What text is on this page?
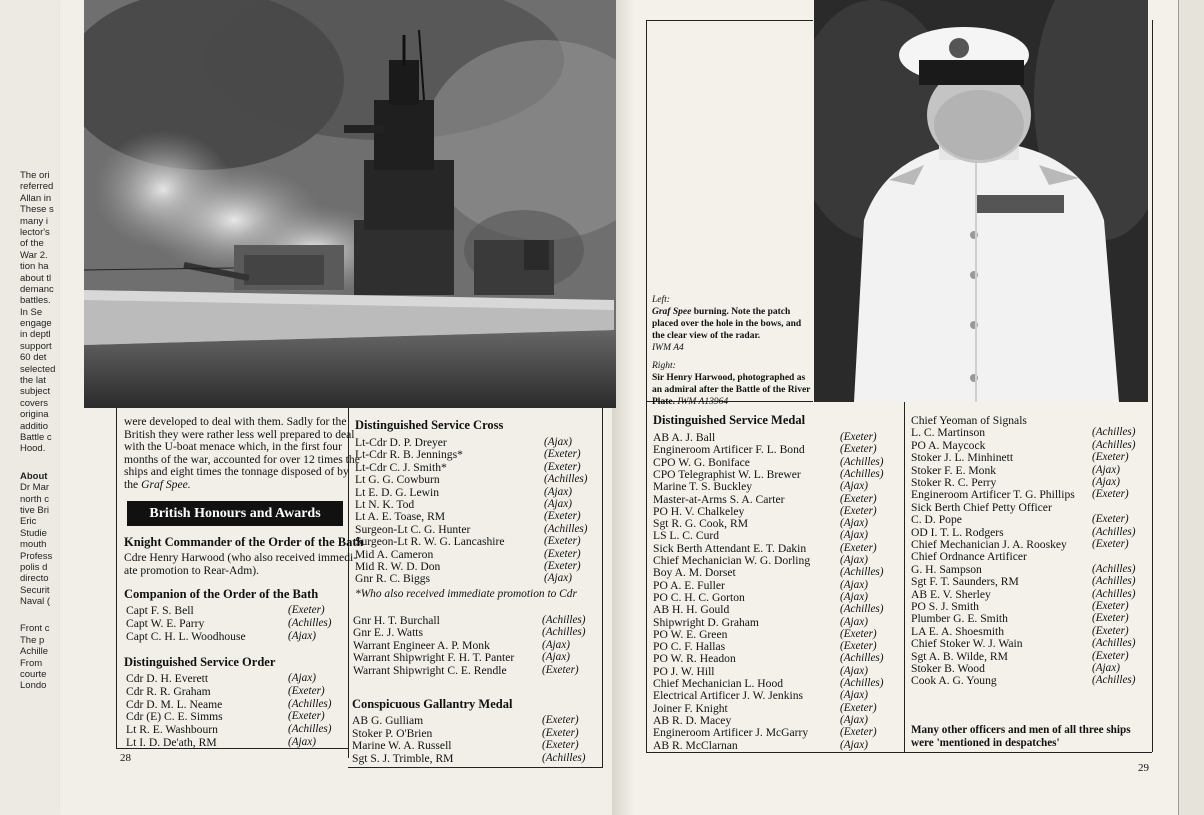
The ori
referred
Allan in
These s
many i
lector's
of the
War 2.
tion ha
about tl
demanc
battles.
In Se
engage
in deptl
support
60 det
selected
the lat
subject
covers
origina
additio
Battle c
Hood.
About
Dr Mar
north c
tive Bri
Eric
Studie
mouth
Profess
polis d
directo
Securit
Naval (
Front c
The p
Achille
From
courte
Londo
Left:
Graf Spee burning. Note the patch placed over the hole in the bows, and the clear view of the radar.
IWM A4
Right:
Sir Henry Harwood, photographed as an admiral after the Battle of the River Plate. IWM A13964
were developed to deal with them. Sadly for the
British they were rather less well prepared to deal
with the U-boat menace which, in the first four
months of the war, accounted for over 12 times the
ships and eight times the tonnage disposed of by
the Graf Spee.
British Honours and Awards
Knight Commander of the Order of the Bath
Cdre Henry Harwood (who also received immedi-
ate promotion to Rear-Adm).
Companion of the Order of the Bath
Capt F. S. Bell	(Exeter)
Capt W. E. Parry	(Achilles)
Capt C. H. L. Woodhouse	(Ajax)
Distinguished Service Order
Cdr D. H. Everett	(Ajax)
Cdr R. R. Graham	(Exeter)
Cdr D. M. L. Neame	(Achilles)
Cdr (E) C. E. Simms	(Exeter)
Lt R. E. Washbourn	(Achilles)
Lt I. D. De'ath, RM	(Ajax)
28
Distinguished Service Cross
Lt-Cdr D. P. Dreyer	(Ajax)
Lt-Cdr R. B. Jennings*	(Exeter)
Lt-Cdr C. J. Smith*	(Exeter)
Lt G. G. Cowburn	(Achilles)
Lt E. D. G. Lewin	(Ajax)
Lt N. K. Tod	(Ajax)
Lt A. E. Toase, RM	(Exeter)
Surgeon-Lt C. G. Hunter	(Achilles)
Surgeon-Lt R. W. G. Lancashire	(Exeter)
Mid A. Cameron	(Exeter)
Mid R. W. D. Don	(Exeter)
Gnr R. C. Biggs	(Ajax)
*Who also received immediate promotion to Cdr
Gnr H. T. Burchall	(Achilles)
Gnr E. J. Watts	(Achilles)
Warrant Engineer A. P. Monk	(Ajax)
Warrant Shipwright F. H. T. Panter (Ajax)
Warrant Shipwright C. E. Rendle	(Exeter)
Conspicuous Gallantry Medal
AB G. Gulliam	(Exeter)
Stoker P. O'Brien	(Exeter)
Marine W. A. Russell	(Exeter)
Sgt S. J. Trimble, RM	(Achilles)
Distinguished Service Medal
AB A. J. Ball	(Exeter)
Engineroom Artificer F. L. Bond	(Exeter)
CPO W. G. Boniface	(Achilles)
CPO Telegraphist W. L. Brewer	(Achilles)
Marine T. S. Buckley	(Ajax)
Master-at-Arms S. A. Carter	(Exeter)
PO H. V. Chalkeley	(Exeter)
Sgt R. G. Cook, RM	(Ajax)
LS L. C. Curd	(Ajax)
Sick Berth Attendant E. T. Dakin	(Exeter)
Chief Mechanician W. G. Dorling	(Ajax)
Boy A. M. Dorset	(Achilles)
PO A. E. Fuller	(Ajax)
PO C. H. C. Gorton	(Ajax)
AB H. H. Gould	(Achilles)
Shipwright D. Graham	(Ajax)
PO W. E. Green	(Exeter)
PO C. F. Hallas	(Exeter)
PO W. R. Headon	(Achilles)
PO J. W. Hill	(Ajax)
Chief Mechanician L. Hood	(Achilles)
Electrical Artificer J. W. Jenkins	(Ajax)
Joiner F. Knight	(Exeter)
AB R. D. Macey	(Ajax)
Engineroom Artificer J. McGarry	(Exeter)
AB R. McClarnan	(Ajax)
Chief Yeoman of Signals
L. C. Martinson	(Achilles)
PO A. Maycock	(Achilles)
Stoker J. L. Minhinett	(Exeter)
Stoker F. E. Monk	(Ajax)
Stoker R. C. Perry	(Ajax)
Engineroom Artificer T. G. Phillips (Exeter)
Sick Berth Chief Petty Officer
C. D. Pope	(Exeter)
OD I. T. L. Rodgers	(Achilles)
Chief Mechanician J. A. Rooskey (Exeter)
Chief Ordnance Artificer
G. H. Sampson	(Achilles)
Sgt F. T. Saunders, RM	(Achilles)
AB E. V. Sherley	(Achilles)
PO S. J. Smith	(Exeter)
Plumber G. E. Smith	(Exeter)
LA E. A. Shoesmith	(Exeter)
Chief Stoker W. J. Wain	(Achilles)
Sgt A. B. Wilde, RM	(Exeter)
Stoker B. Wood	(Ajax)
Cook A. G. Young	(Achilles)
Many other officers and men of all three ships were 'mentioned in despatches'
29
